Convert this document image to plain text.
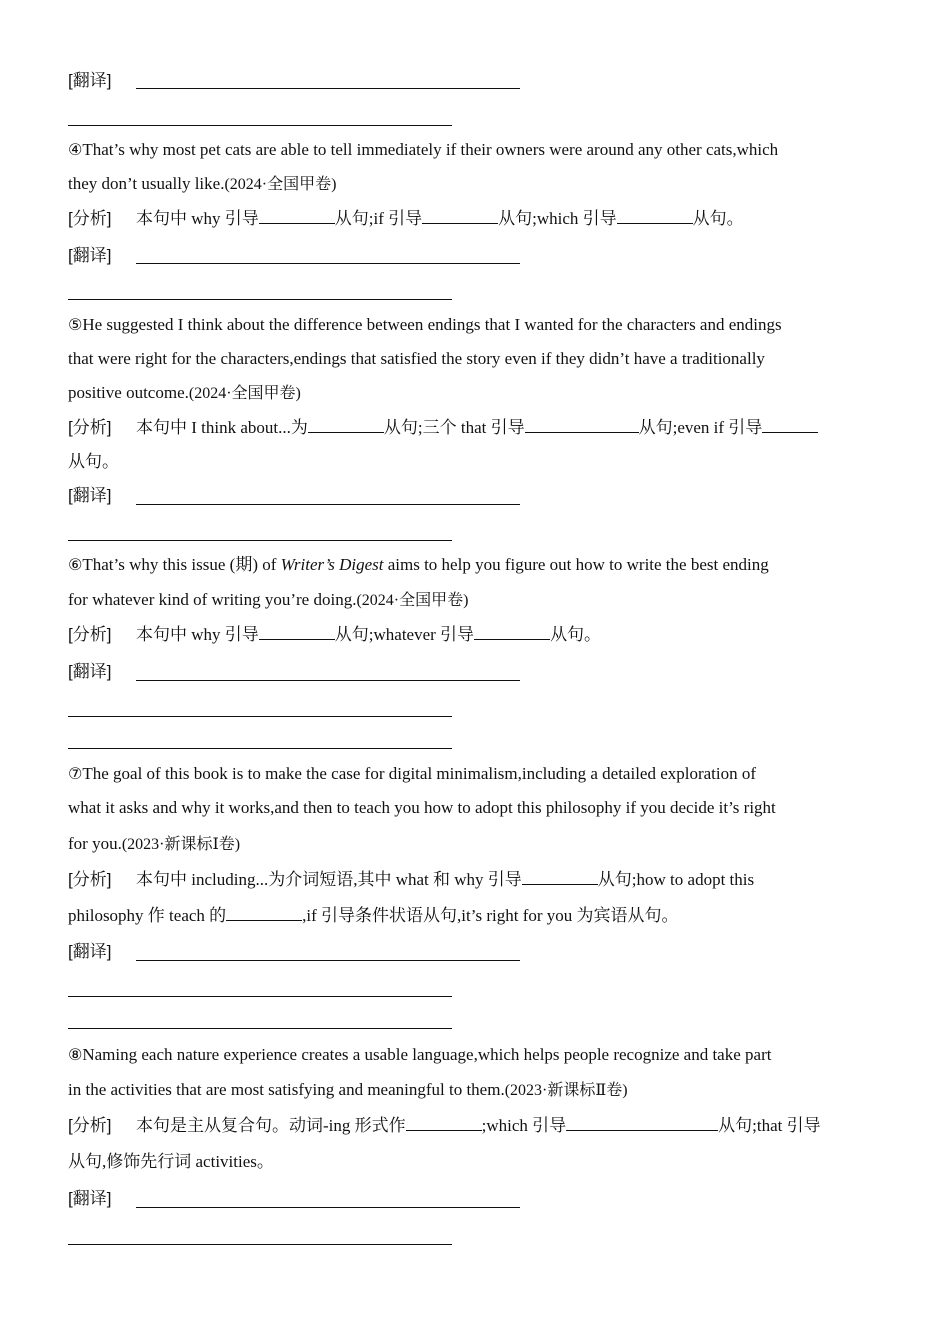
[翻译]
④That’s why most pet cats are able to tell immediately if their owners were around any other cats,which
they don’t usually like.(2024·全国甲卷)
[分析] 本句中 why 引导	从句;if 引导	从句;which 引导	从句。
[翻译]
⑤He suggested I think about the difference between endings that I wanted for the characters and endings
that were right for the characters,endings that satisfied the story even if they didn’t have a traditionally
positive outcome.(2024·全国甲卷)
[分析] 本句中 I think about...为	从句;三个 that 引导	从句;even if 引导
从句。
[翻译]
⑥That’s why this issue (期) of Writer’s Digest aims to help you figure out how to write the best ending
for whatever kind of writing you’re doing.(2024·全国甲卷)
[分析] 本句中 why 引导	从句;whatever 引导	从句。
[翻译]
⑦The goal of this book is to make the case for digital minimalism,including a detailed exploration of
what it asks and why it works,and then to teach you how to adopt this philosophy if you decide it’s right
for you.(2023·新课标Ⅰ卷)
[分析] 本句中 including...为介词短语,其中 what 和 why 引导	从句;how to adopt this
philosophy 作 teach 的	,if 引导条件状语从句,it’s right for you 为宾语从句。
[翻译]
⑧Naming each nature experience creates a usable language,which helps people recognize and take part
in the activities that are most satisfying and meaningful to them.(2023·新课标Ⅱ卷)
[分析] 本句是主从复合句。动词-ing 形式作	;which 引导	从句;that 引导
从句,修饰先行词 activities。
[翻译]
